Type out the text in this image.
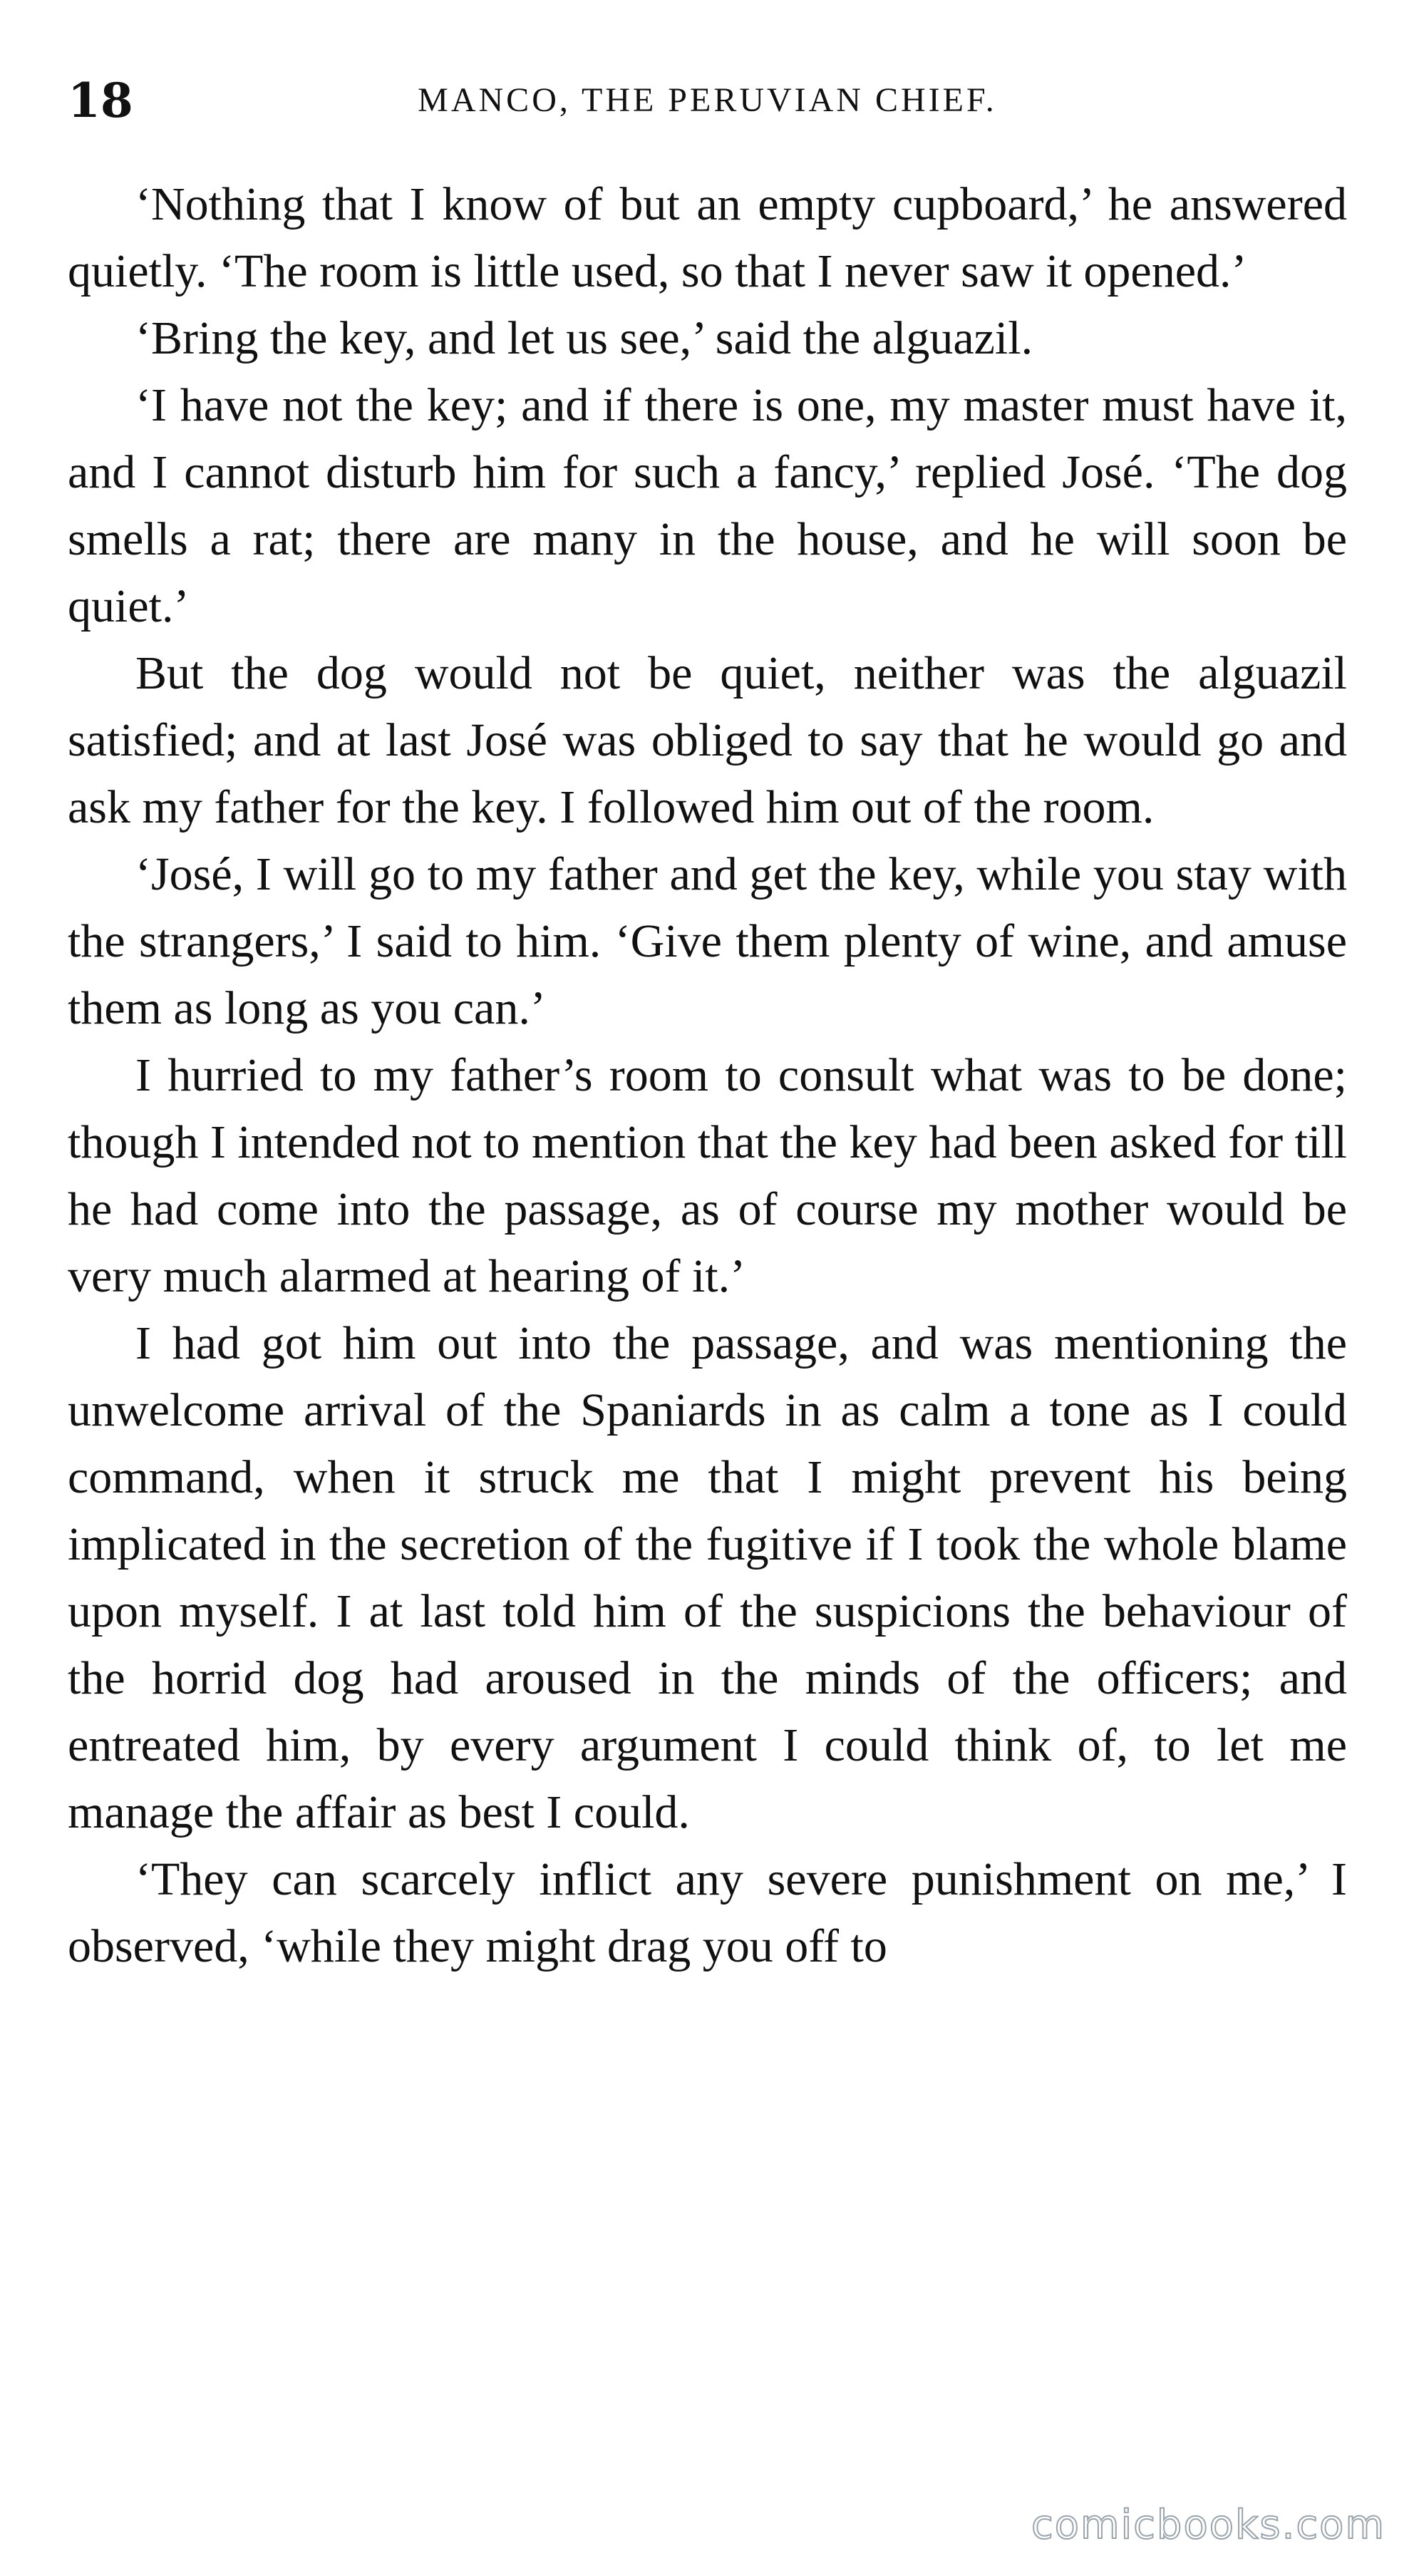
18	MANCO, THE PERUVIAN CHIEF.

‘Nothing that I know of but an empty cupboard,’ he answered quietly. ‘The room is little used, so that I never saw it opened.’

‘Bring the key, and let us see,’ said the alguazil.

‘I have not the key; and if there is one, my master must have it, and I cannot disturb him for such a fancy,’ replied José. ‘The dog smells a rat; there are many in the house, and he will soon be quiet.’

But the dog would not be quiet, neither was the alguazil satisfied; and at last José was obliged to say that he would go and ask my father for the key. I followed him out of the room.

‘José, I will go to my father and get the key, while you stay with the strangers,’ I said to him. ‘Give them plenty of wine, and amuse them as long as you can.’

I hurried to my father’s room to consult what was to be done; though I intended not to mention that the key had been asked for till he had come into the passage, as of course my mother would be very much alarmed at hearing of it.’

I had got him out into the passage, and was mentioning the unwelcome arrival of the Spaniards in as calm a tone as I could command, when it struck me that I might prevent his being implicated in the secretion of the fugitive if I took the whole blame upon myself. I at last told him of the suspicions the behaviour of the horrid dog had aroused in the minds of the officers; and entreated him, by every argument I could think of, to let me manage the affair as best I could.

‘They can scarcely inflict any severe punishment on me,’ I observed, ‘while they might drag you off to

comicbooks.com
